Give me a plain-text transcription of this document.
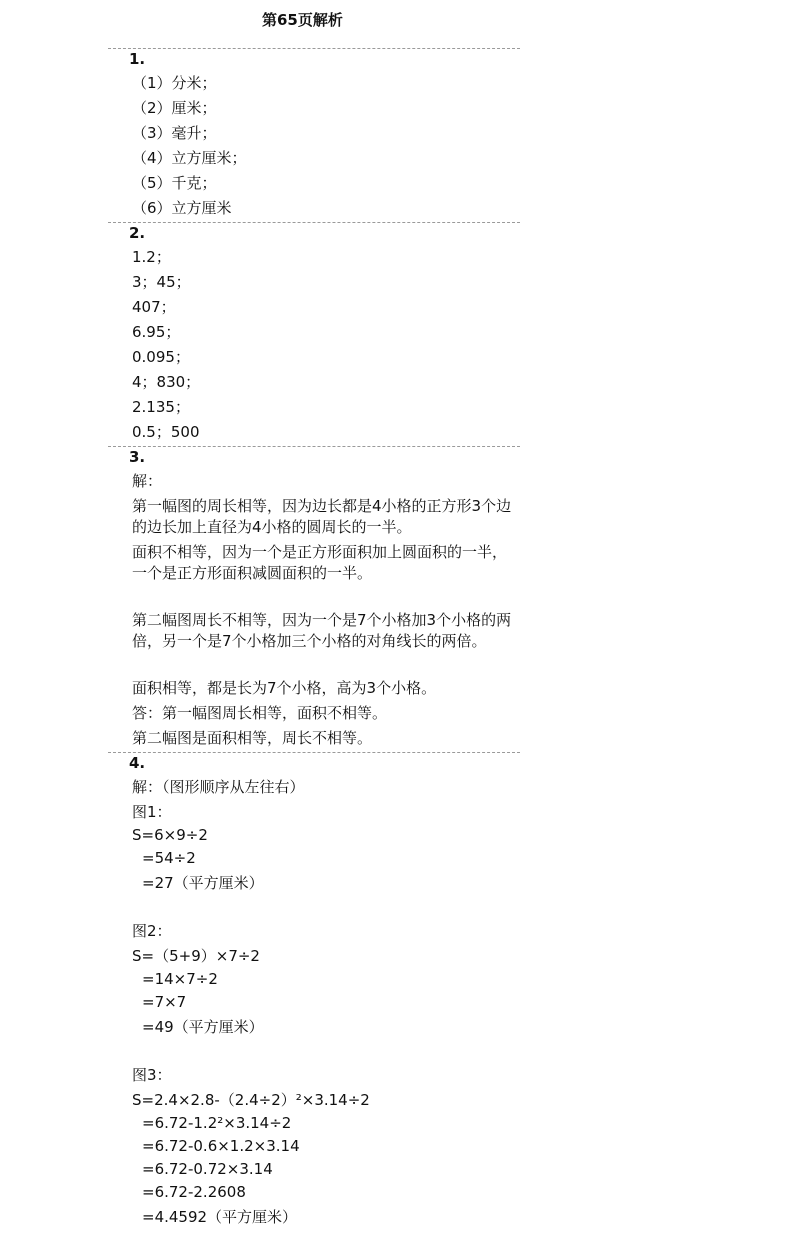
第65页解析
1.
（1）分米；
（2）厘米；
（3）毫升；
（4）立方厘米；
（5）千克；
（6）立方厘米
2.
1.2；
3；45；
407；
6.95；
0.095；
4；830；
2.135；
0.5；500
3.
解：
第一幅图的周长相等，因为边长都是4小格的正方形3个边的边长加上直径为4小格的圆周长的一半。
面积不相等，因为一个是正方形面积加上圆面积的一半，一个是正方形面积减圆面积的一半。
第二幅图周长不相等，因为一个是7个小格加3个小格的两倍，另一个是7个小格加三个小格的对角线长的两倍。
面积相等，都是长为7个小格，高为3个小格。
答：第一幅图周长相等，面积不相等。
第二幅图是面积相等，周长不相等。
4.
解：（图形顺序从左往右）
图1：
S=6×9÷2
=54÷2
=27（平方厘米）
图2：
S=（5+9）×7÷2
=14×7÷2
=7×7
=49（平方厘米）
图3：
S=2.4×2.8-（2.4÷2）²×3.14÷2
=6.72-1.2²×3.14÷2
=6.72-0.6×1.2×3.14
=6.72-0.72×3.14
=6.72-2.2608
=4.4592（平方厘米）
